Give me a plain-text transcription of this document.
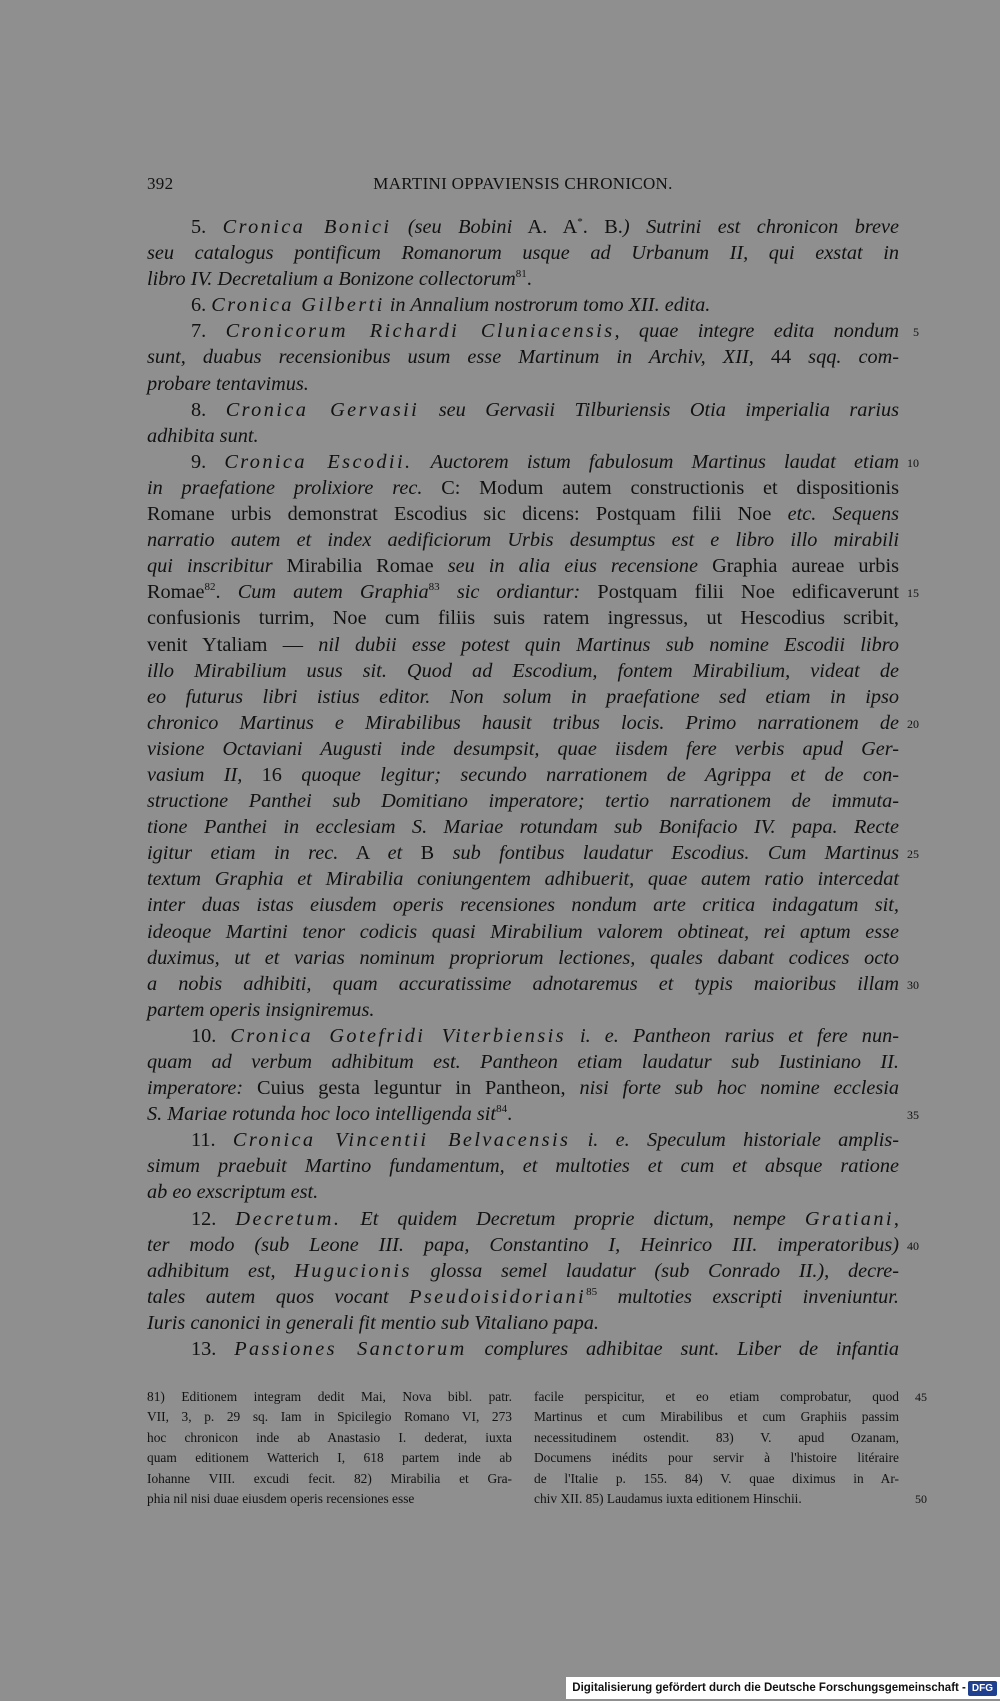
392	MARTINI OPPAVIENSIS CHRONICON.
5. Cronica Bonici (seu Bobini A. A*. B.) Sutrini est chronicon breve
seu catalogus pontificum Romanorum usque ad Urbanum II, qui exstat in
libro IV. Decretalium a Bonizone collectorum$^{81}$.
6. Cronica Gilberti in Annalium nostrorum tomo XII. edita.
7. Cronicorum Richardi Cluniacensis, quae integre edita nondum 5
sunt, duabus recensionibus usum esse Martinum in Archiv, XII, 44 sqq. com-
probare tentavimus.
8. Cronica Gervasii seu Gervasii Tilburiensis Otia imperialia rarius
adhibita sunt.
9. Cronica Escodii. Auctorem istum fabulosum Martinus laudat etiam 10
in praefatione prolixiore rec. C: Modum autem constructionis et dispositionis
Romane urbis demonstrat Escodius sic dicens: Postquam filii Noe etc. Sequens
narratio autem et index aedificiorum Urbis desumptus est e libro illo mirabili
qui inscribitur Mirabilia Romae seu in alia eius recensione Graphia aureae urbis
Romae$^{82}$. Cum autem Graphia$^{83}$ sic ordiantur: Postquam filii Noe edificaverunt 15
confusionis turrim, Noe cum filiis suis ratem ingressus, ut Hescodius scribit,
venit Ytaliam — nil dubii esse potest quin Martinus sub nomine Escodii libro
illo Mirabilium usus sit. Quod ad Escodium, fontem Mirabilium, videat de
eo futurus libri istius editor. Non solum in praefatione sed etiam in ipso
chronico Martinus e Mirabilibus hausit tribus locis. Primo narrationem de 20
visione Octaviani Augusti inde desumpsit, quae iisdem fere verbis apud Ger-
vasium II, 16 quoque legitur; secundo narrationem de Agrippa et de con-
structione Panthei sub Domitiano imperatore; tertio narrationem de immuta-
tione Panthei in ecclesiam S. Mariae rotundam sub Bonifacio IV. papa. Recte
igitur etiam in rec. A et B sub fontibus laudatur Escodius. Cum Martinus 25
textum Graphia et Mirabilia coniungentem adhibuerit, quae autem ratio intercedat
inter duas istas eiusdem operis recensiones nondum arte critica indagatum sit,
ideoque Martini tenor codicis quasi Mirabilium valorem obtineat, rei aptum esse
duximus, ut et varias nominum propriorum lectiones, quales dabant codices octo
a nobis adhibiti, quam accuratissime adnotaremus et typis maioribus illam 30
partem operis insigniremus.
10. Cronica Gotefridi Viterbiensis i. e. Pantheon rarius et fere nun-
quam ad verbum adhibitum est. Pantheon etiam laudatur sub Iustiniano II.
imperatore: Cuius gesta leguntur in Pantheon, nisi forte sub hoc nomine ecclesia
S. Mariae rotunda hoc loco intelligenda sit$^{84}$.	35
11. Cronica Vincentii Belvacensis i. e. Speculum historiale amplis-
simum praebuit Martino fundamentum, et multoties et cum et absque ratione
ab eo exscriptum est.
12. Decretum. Et quidem Decretum proprie dictum, nempe Gratiani,
ter modo (sub Leone III. papa, Constantino I, Heinrico III. imperatoribus) 40
adhibitum est, Hugucionis glossa semel laudatur (sub Conrado II.), decre-
tales autem quos vocant Pseudoisidoriani$^{85}$ multoties exscripti inveniuntur.
Iuris canonici in generali fit mentio sub Vitaliano papa.
13. Passiones Sanctorum complures adhibitae sunt. Liber de infantia
81) Editionem integram dedit Mai, Nova bibl. patr.
VII, 3, p. 29 sq. Iam in Spicilegio Romano VI, 273
hoc chronicon inde ab Anastasio I. dederat, iuxta
quam editionem Watterich I, 618 partem inde ab
Iohanne VIII. excudi fecit. 82) Mirabilia et Gra-
phia nil nisi duae eiusdem operis recensiones esse
facile perspicitur, et eo etiam comprobatur, quod 45
Martinus et cum Mirabilibus et cum Graphiis passim
necessitudinem ostendit. 83) V. apud Ozanam,
Documens inédits pour servir à l'histoire litéraire
de l'Italie p. 155. 84) V. quae diximus in Ar-
chiv XII. 85) Laudamus iuxta editionem Hinschii.	50
Digitalisierung gefördert durch die Deutsche Forschungsgemeinschaft - DFG
